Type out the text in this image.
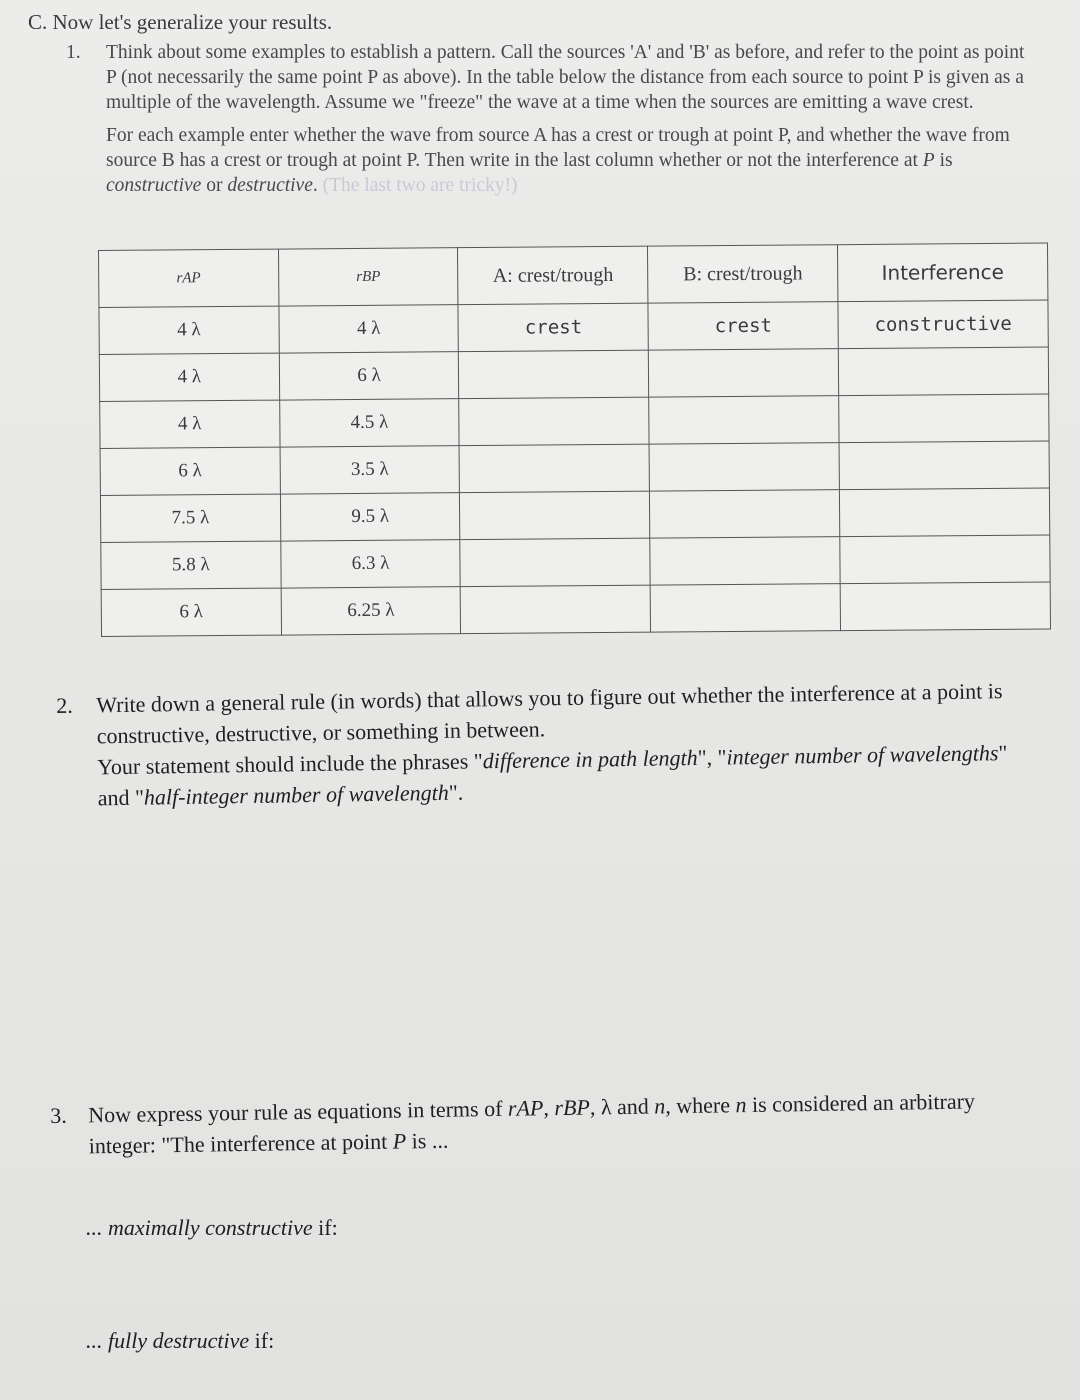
C. Now let's generalize your results.
1. Think about some examples to establish a pattern. Call the sources 'A' and 'B' as before, and refer to the point as point P (not necessarily the same point P as above). In the table below the distance from each source to point P is given as a multiple of the wavelength. Assume we "freeze" the wave at a time when the sources are emitting a wave crest.
For each example enter whether the wave from source A has a crest or trough at point P, and whether the wave from source B has a crest or trough at point P. Then write in the last column whether or not the interference at P is constructive or destructive. (The last two are tricky!)
rAP	rBP	A: crest/trough	B: crest/trough	Interference
4 λ	4 λ	crest	crest	constructive
4 λ	6 λ			
4 λ	4.5 λ			
6 λ	3.5 λ			
7.5 λ	9.5 λ			
5.8 λ	6.3 λ			
6 λ	6.25 λ			
2. Write down a general rule (in words) that allows you to figure out whether the interference at a point is constructive, destructive, or something in between.
Your statement should include the phrases "difference in path length", "integer number of wavelengths" and "half-integer number of wavelength".
3. Now express your rule as equations in terms of rAP, rBP, λ and n, where n is considered an arbitrary integer: "The interference at point P is ...
... maximally constructive if:
... fully destructive if:
